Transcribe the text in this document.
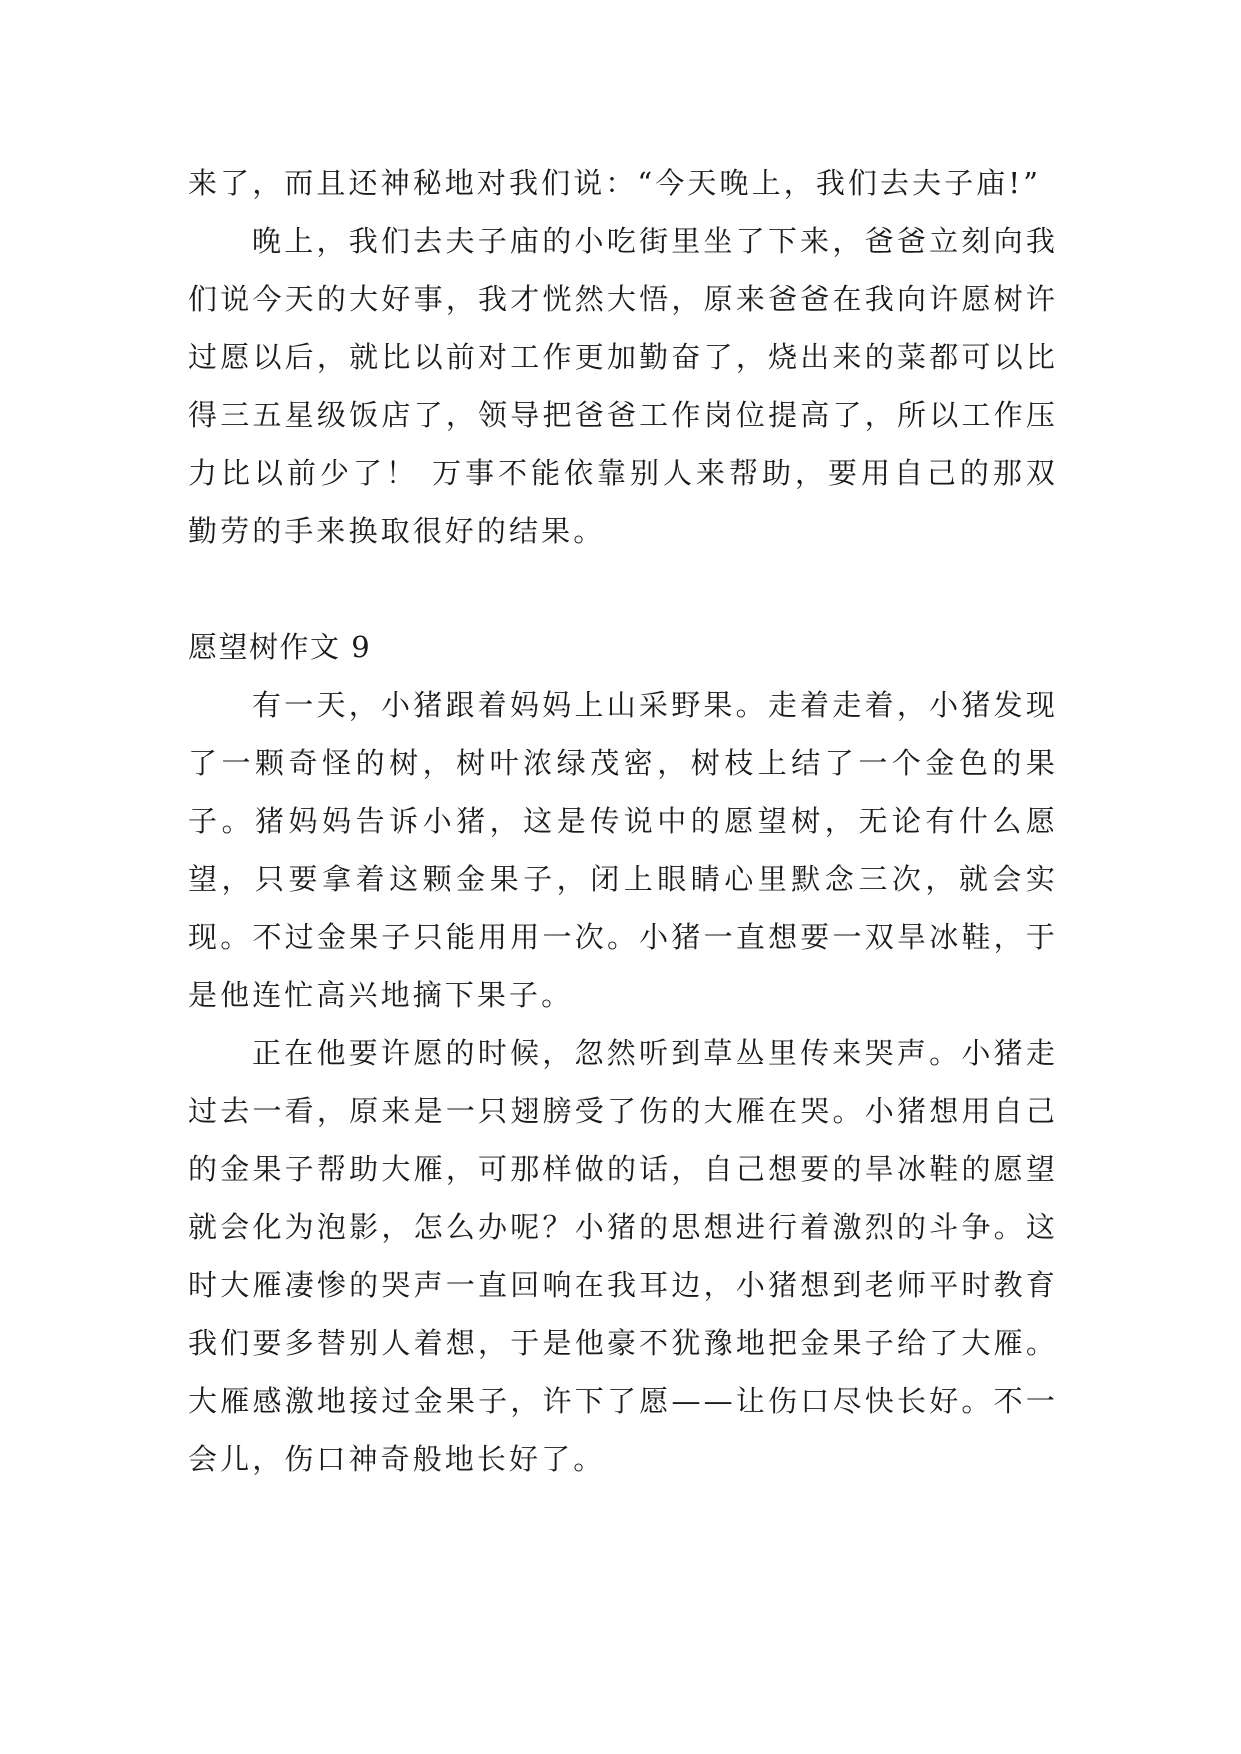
来了，而且还神秘地对我们说：“今天晚上，我们去夫子庙!”

晚上，我们去夫子庙的小吃街里坐了下来，爸爸立刻向我们说今天的大好事，我才恍然大悟，原来爸爸在我向许愿树许过愿以后，就比以前对工作更加勤奋了，烧出来的菜都可以比得三五星级饭店了，领导把爸爸工作岗位提高了，所以工作压力比以前少了！ 万事不能依靠别人来帮助，要用自己的那双勤劳的手来换取很好的结果。

愿望树作文 9

有一天，小猪跟着妈妈上山采野果。走着走着，小猪发现了一颗奇怪的树，树叶浓绿茂密，树枝上结了一个金色的果子。猪妈妈告诉小猪，这是传说中的愿望树，无论有什么愿望，只要拿着这颗金果子，闭上眼睛心里默念三次，就会实现。不过金果子只能用用一次。小猪一直想要一双旱冰鞋，于是他连忙高兴地摘下果子。

正在他要许愿的时候，忽然听到草丛里传来哭声。小猪走过去一看，原来是一只翅膀受了伤的大雁在哭。小猪想用自己的金果子帮助大雁，可那样做的话，自己想要的旱冰鞋的愿望就会化为泡影，怎么办呢？小猪的思想进行着激烈的斗争。这时大雁凄惨的哭声一直回响在我耳边，小猪想到老师平时教育我们要多替别人着想，于是他豪不犹豫地把金果子给了大雁。大雁感激地接过金果子，许下了愿——让伤口尽快长好。不一会儿，伤口神奇般地长好了。
